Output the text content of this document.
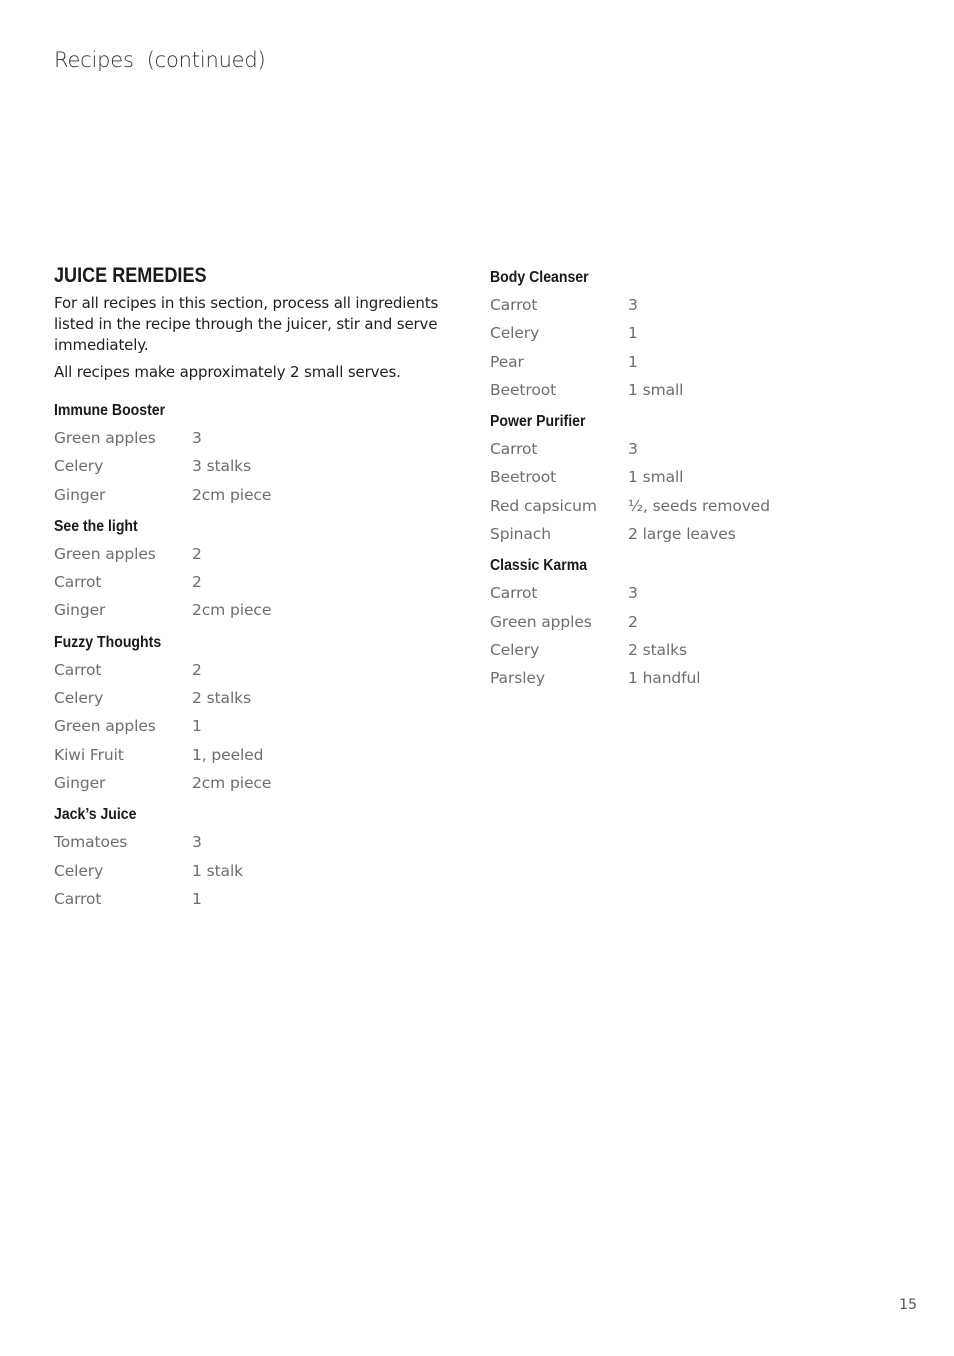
Recipes  (continued)
JUICE REMEDIES

For all recipes in this section, process all ingredients listed in the recipe through the juicer, stir and serve immediately.

All recipes make approximately 2 small serves.

Immune Booster
Green apples	3
Celery	3 stalks
Ginger	2cm piece
See the light
Green apples	2
Carrot	2
Ginger	2cm piece
Fuzzy Thoughts
Carrot	2
Celery	2 stalks
Green apples	1
Kiwi Fruit	1, peeled
Ginger	2cm piece
Jack’s Juice
Tomatoes	3
Celery	1 stalk
Carrot	1
Body Cleanser
Carrot	3
Celery	1
Pear	1
Beetroot	1 small
Power Purifier
Carrot	3
Beetroot	1 small
Red capsicum	½, seeds removed
Spinach	2 large leaves
Classic Karma
Carrot	3
Green apples	2
Celery	2 stalks
Parsley	1 handful
15
